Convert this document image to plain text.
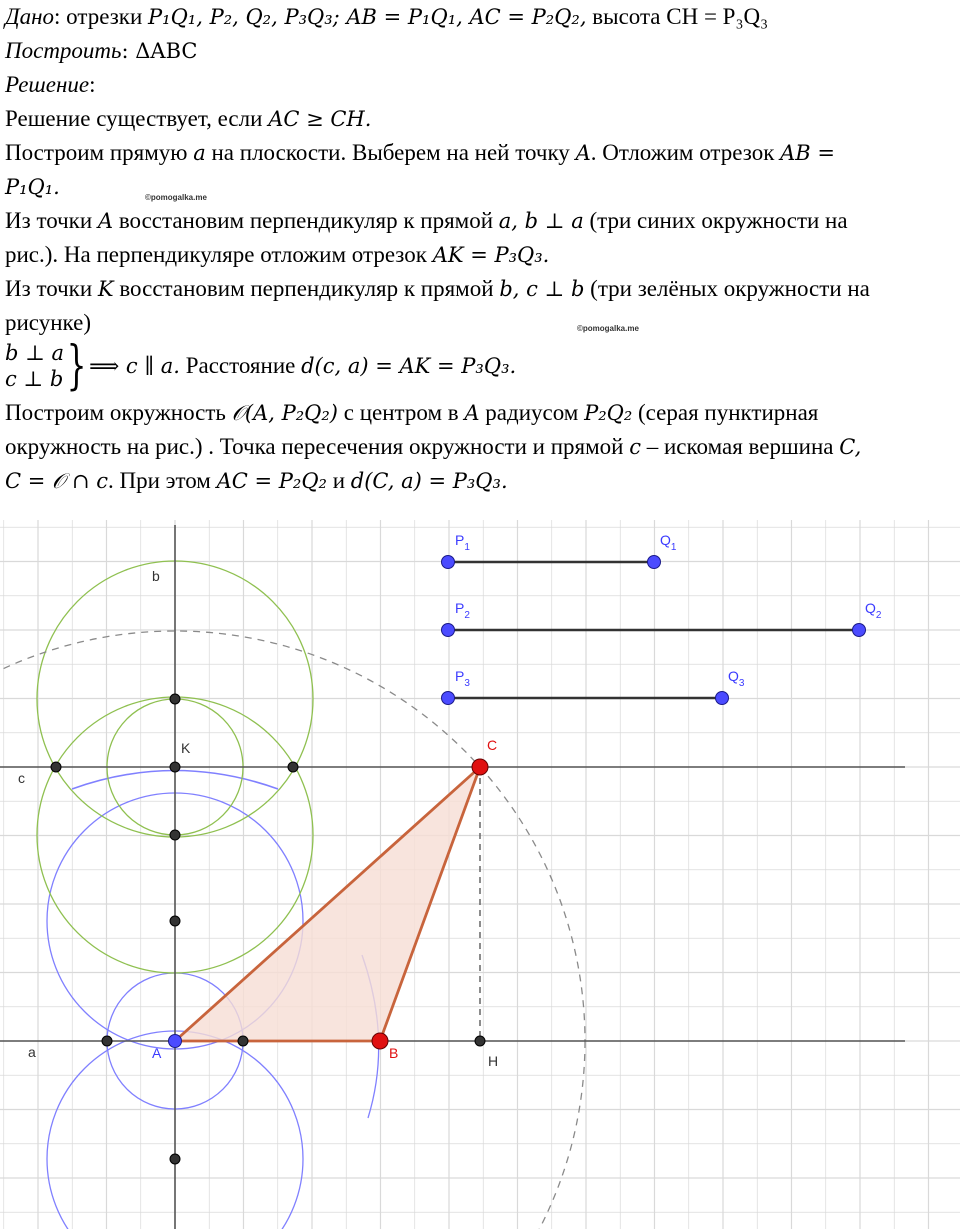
Дано: отрезки P₁Q₁, P₂, Q₂, P₃Q₃; AB = P₁Q₁, AC = P₂Q₂, высота CH = P₃Q₃
Построить: ΔABC
Решение:
Решение существует, если AC ≥ CH.
Построим прямую a на плоскости. Выберем на ней точку A. Отложим отрезок AB =
P₁Q₁.	©pomogalka.me
Из точки A восстановим перпендикуляр к прямой a, b ⊥ a (три синих окружности на
рис.). На перпендикуляре отложим отрезок AK = P₃Q₃.
Из точки K восстановим перпендикуляр к прямой b, c ⊥ b (три зелёных окружности на
рисунке)	©pomogalka.me
b ⊥ a
c ⊥ b } ⟹ c ∥ a.
Расстояние
d(c, a) = AK = P₃Q₃.
Построим окружность 𝒪(A, P₂Q₂) с центром в A радиусом P₂Q₂ (серая пунктирная
окружность на рис.) . Точка пересечения окружности и прямой c – искомая вершина C,
C = 𝒪 ∩ c. При этом AC = P₂Q₂ и d(C, a) = P₃Q₃.
$P_1$	$Q_1$
$P_2$	$Q_2$
$P_3$	$Q_3$
A
b
K
c
a
H
C
B
